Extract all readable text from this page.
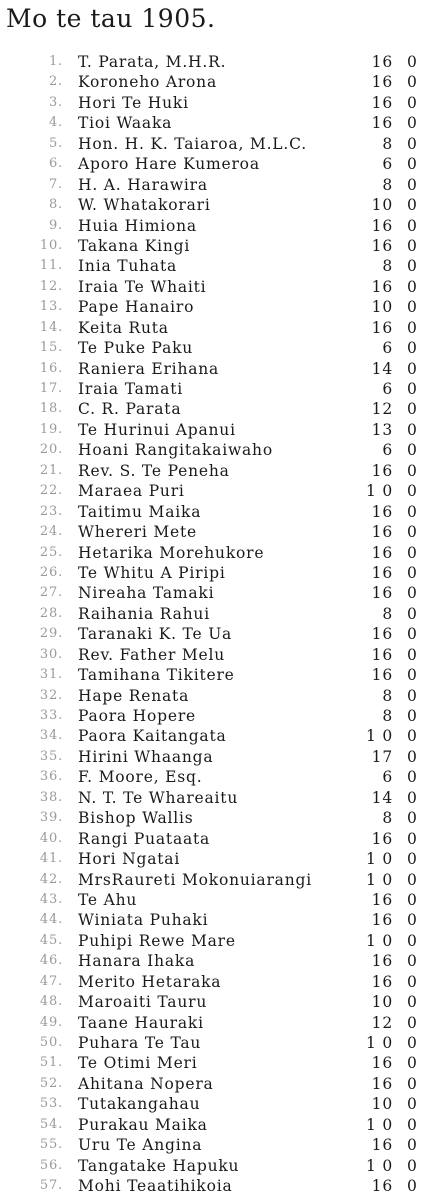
Mo te tau 1905.
1. T. Parata, M.H.R.	16 0
2. Koroneho Arona	16 0
3. Hori Te Huki	16 0
4. Tioi Waaka	16 0
5. Hon. H. K. Taiaroa, M.L.C.	8 0
6. Aporo Hare Kumeroa	6 0
7. H. A. Harawira	8 0
8. W. Whatakorari	10 0
9. Huia Himiona	16 0
10. Takana Kingi	16 0
11. Inia Tuhata	8 0
12. Iraia Te Whaiti	16 0
13. Pape Hanairo	10 0
14. Keita Ruta	16 0
15. Te Puke Paku	6 0
16. Raniera Erihana	14 0
17. Iraia Tamati	6 0
18. C. R. Parata	12 0
19. Te Hurinui Apanui	13 0
20. Hoani Rangitakaiwaho	6 0
21. Rev. S. Te Peneha	16 0
22. Maraea Puri	1 0 0
23. Taitimu Maika	16 0
24. Whereri Mete	16 0
25. Hetarika Morehukore	16 0
26. Te Whitu A Piripi	16 0
27. Nireaha Tamaki	16 0
28. Raihania Rahui	8 0
29. Taranaki K. Te Ua	16 0
30. Rev. Father Melu	16 0
31. Tamihana Tikitere	16 0
32. Hape Renata	8 0
33. Paora Hopere	8 0
34. Paora Kaitangata	1 0 0
35. Hirini Whaanga	17 0
36. F. Moore, Esq.	6 0
38. N. T. Te Whareaitu	14 0
39. Bishop Wallis	8 0
40. Rangi Puataata	16 0
41. Hori Ngatai	1 0 0
42. MrsRaureti Mokonuiarangi	1 0 0
43. Te Ahu	16 0
44. Winiata Puhaki	16 0
45. Puhipi Rewe Mare	1 0 0
46. Hanara Ihaka	16 0
47. Merito Hetaraka	16 0
48. Maroaiti Tauru	10 0
49. Taane Hauraki	12 0
50. Puhara Te Tau	1 0 0
51. Te Otimi Meri	16 0
52. Ahitana Nopera	16 0
53. Tutakangahau	10 0
54. Purakau Maika	1 0 0
55. Uru Te Angina	16 0
56. Tangatake Hapuku	1 0 0
57. Mohi Teaatihikoia	16 0
